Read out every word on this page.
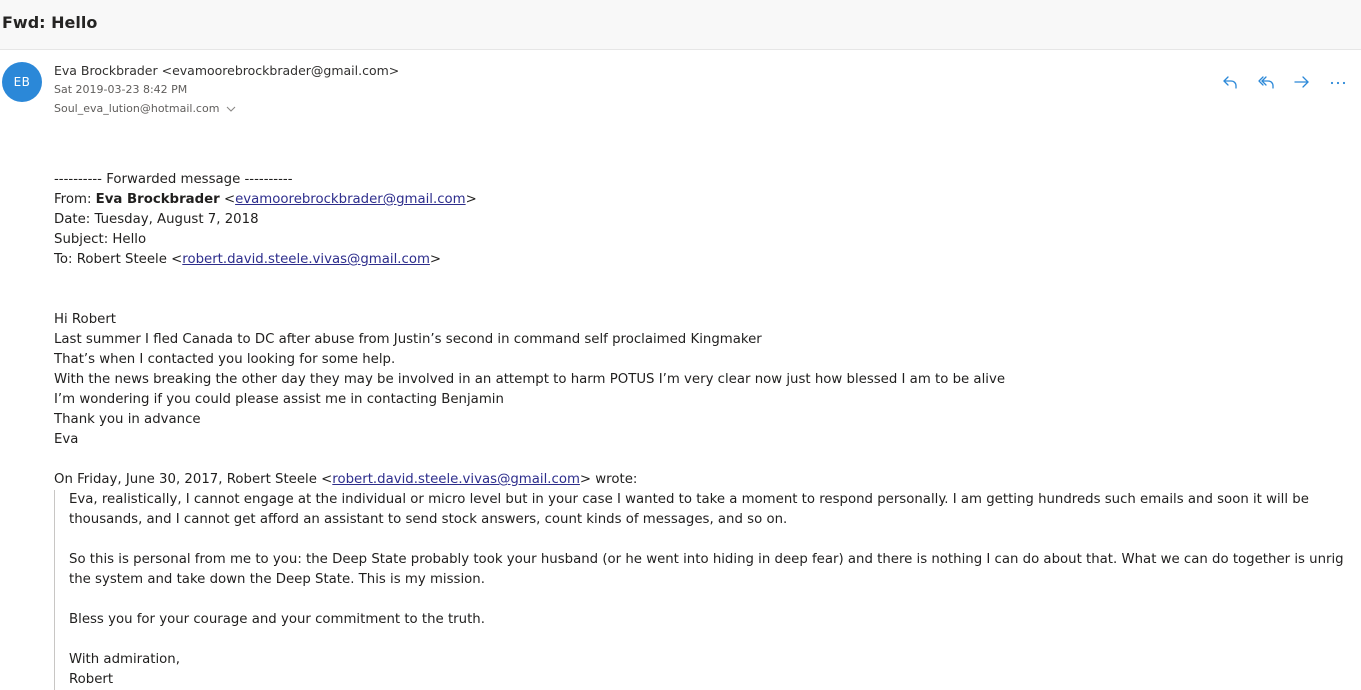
Fwd: Hello
EB
Eva Brockbrader <evamoorebrockbrader@gmail.com>
Sat 2019-03-23 8:42 PM
Soul_eva_lution@hotmail.com

---------- Forwarded message ----------

From: Eva Brockbrader <evamoorebrockbrader@gmail.com>

Date: Tuesday, August 7, 2018

Subject: Hello

To: Robert Steele <robert.david.steele.vivas@gmail.com>

Hi Robert

Last summer I fled Canada to DC after abuse from Justin’s second in command self proclaimed Kingmaker

That’s when I contacted you looking for some help.

With the news breaking the other day they may be involved in an attempt to harm POTUS I’m very clear now just how blessed I am to be alive

I’m wondering if you could please assist me in contacting Benjamin

Thank you in advance

Eva

On Friday, June 30, 2017, Robert Steele <robert.david.steele.vivas@gmail.com> wrote:

Eva, realistically, I cannot engage at the individual or micro level but in your case I wanted to take a moment to respond personally. I am getting hundreds such emails and soon it will be thousands, and I cannot get afford an assistant to send stock answers, count kinds of messages, and so on.

So this is personal from me to you: the Deep State probably took your husband (or he went into hiding in deep fear) and there is nothing I can do about that. What we can do together is unrig the system and take down the Deep State. This is my mission.

Bless you for your courage and your commitment to the truth.

With admiration,

Robert
